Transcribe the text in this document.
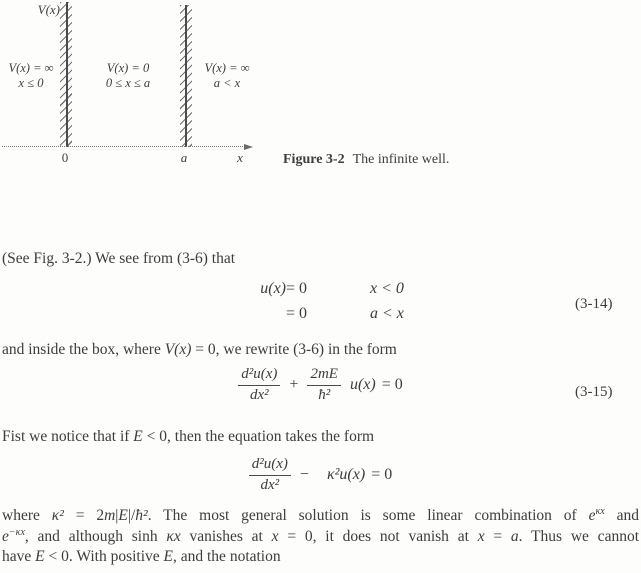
V(x)
V(x) = ∞
x ≤ 0
V(x) = 0
0 ≤ x ≤ a
V(x) = ∞
a < x
0	a	x	Figure 3-2 The infinite well.
(See Fig. 3-2.) We see from (3-6) that
u(x) = 0	x < 0
= 0	a < x
(3-14)
and inside the box, where V(x) = 0, we rewrite (3-6) in the form
$\frac{\text{d²u(x)}}{\text{dx²}} + \frac{2mE}{\text{ħ²}} u(x) = 0$	(3-15)
Fist we notice that if E < 0, then the equation takes the form
$\frac{\text{d²u(x)}}{\text{dx²}} - \kappa^2u(x) = 0$
where κ² = 2m|E|/ħ². The most general solution is some linear combination of $e^{\kappa x}$ and
$e^{-\kappa x}$, and although sinh κx vanishes at x = 0, it does not vanish at x = a. Thus we cannot
have E < 0. With positive E, and the notation
